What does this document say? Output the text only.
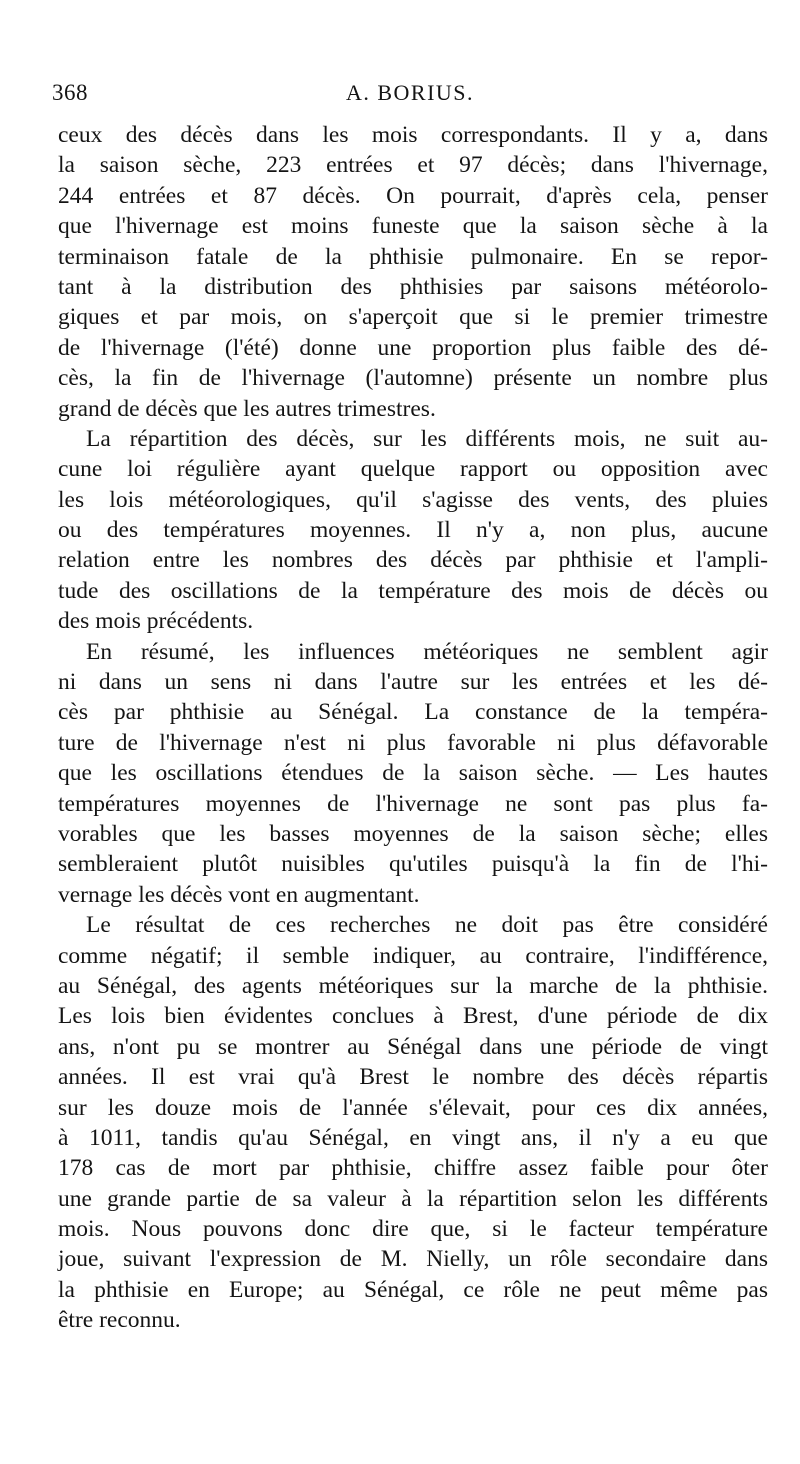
368	A. BORIUS.
ceux des décès dans les mois correspondants. Il y a, dans
la saison sèche, 223 entrées et 97 décès; dans l'hivernage,
244 entrées et 87 décès. On pourrait, d'après cela, penser
que l'hivernage est moins funeste que la saison sèche à la
terminaison fatale de la phthisie pulmonaire. En se repor-
tant à la distribution des phthisies par saisons météorolo-
giques et par mois, on s'aperçoit que si le premier trimestre
de l'hivernage (l'été) donne une proportion plus faible des dé-
cès, la fin de l'hivernage (l'automne) présente un nombre plus
grand de décès que les autres trimestres.
La répartition des décès, sur les différents mois, ne suit au-
cune loi régulière ayant quelque rapport ou opposition avec
les lois météorologiques, qu'il s'agisse des vents, des pluies
ou des températures moyennes. Il n'y a, non plus, aucune
relation entre les nombres des décès par phthisie et l'ampli-
tude des oscillations de la température des mois de décès ou
des mois précédents.
En résumé, les influences météoriques ne semblent agir
ni dans un sens ni dans l'autre sur les entrées et les dé-
cès par phthisie au Sénégal. La constance de la tempéra-
ture de l'hivernage n'est ni plus favorable ni plus défavorable
que les oscillations étendues de la saison sèche. — Les hautes
températures moyennes de l'hivernage ne sont pas plus fa-
vorables que les basses moyennes de la saison sèche; elles
sembleraient plutôt nuisibles qu'utiles puisqu'à la fin de l'hi-
vernage les décès vont en augmentant.
Le résultat de ces recherches ne doit pas être considéré
comme négatif; il semble indiquer, au contraire, l'indifférence,
au Sénégal, des agents météoriques sur la marche de la phthisie.
Les lois bien évidentes conclues à Brest, d'une période de dix
ans, n'ont pu se montrer au Sénégal dans une période de vingt
années. Il est vrai qu'à Brest le nombre des décès répartis
sur les douze mois de l'année s'élevait, pour ces dix années,
à 1011, tandis qu'au Sénégal, en vingt ans, il n'y a eu que
178 cas de mort par phthisie, chiffre assez faible pour ôter
une grande partie de sa valeur à la répartition selon les différents
mois. Nous pouvons donc dire que, si le facteur température
joue, suivant l'expression de M. Nielly, un rôle secondaire dans
la phthisie en Europe; au Sénégal, ce rôle ne peut même pas
être reconnu.
